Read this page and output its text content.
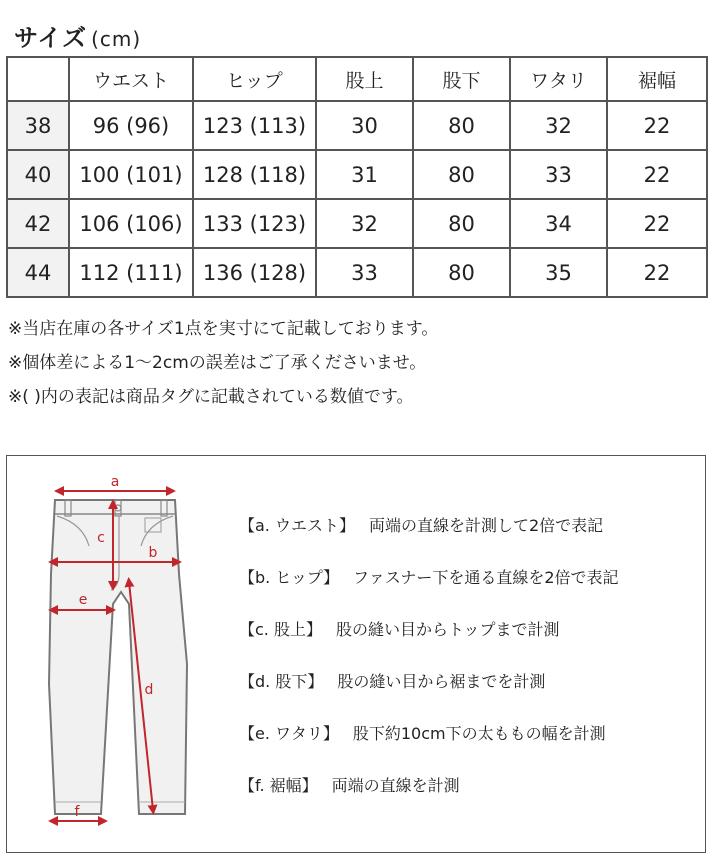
サイズ (cm)
	ウエスト	ヒップ	股上	股下	ワタリ	裾幅
38	96 (96)	123 (113)	30	80	32	22
40	100 (101)	128 (118)	31	80	33	22
42	106 (106)	133 (123)	32	80	34	22
44	112 (111)	136 (128)	33	80	35	22
※当店在庫の各サイズ1点を実寸にて記載しております。
※個体差による1～2cmの誤差はご了承くださいませ。
※( )内の表記は商品タグに記載されている数値です。
a
b
c
e
d
f
【a. ウエスト】 両端の直線を計測して2倍で表記
【b. ヒップ】 ファスナー下を通る直線を2倍で表記
【c. 股上】 股の縫い目からトップまで計測
【d. 股下】 股の縫い目から裾までを計測
【e. ワタリ】 股下約10cm下の太ももの幅を計測
【f. 裾幅】 両端の直線を計測
